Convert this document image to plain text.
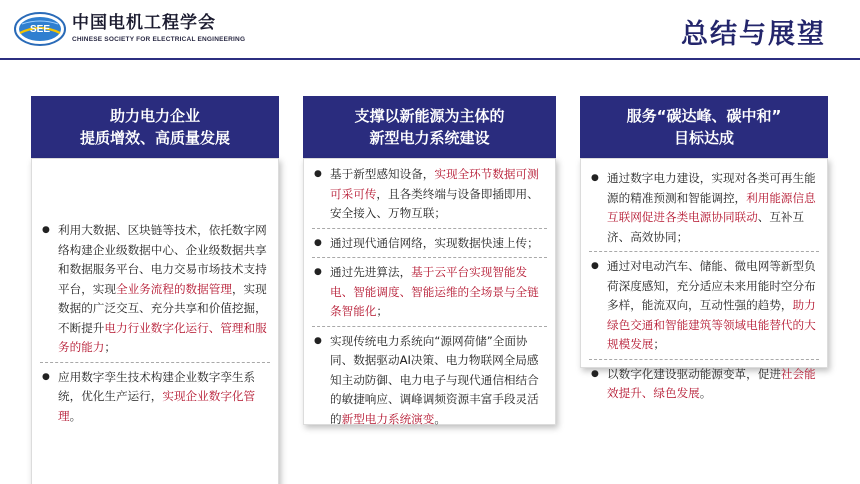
SEE 中国电机工程学会
CHINESE SOCIETY FOR ELECTRICAL ENGINEERING	总结与展望
助力电力企业
提质增效、高质量发展
● 利用大数据、区块链等技术，依托数字网络构建企业级数据中心、企业级数据共享和数据服务平台、电力交易市场技术支持平台，实现全业务流程的数据管理，实现数据的广泛交互、充分共享和价值挖掘，不断提升电力行业数字化运行、管理和服务的能力；
● 应用数字孪生技术构建企业数字孪生系统，优化生产运行，实现企业数字化管理。
支撑以新能源为主体的
新型电力系统建设
● 基于新型感知设备，实现全环节数据可测可采可传，且各类终端与设备即插即用、安全接入、万物互联；
● 通过现代通信网络，实现数据快速上传；
● 通过先进算法，基于云平台实现智能发电、智能调度、智能运维的全场景与全链条智能化；
● 实现传统电力系统向“源网荷储”全面协同、数据驱动AI决策、电力物联网全局感知主动防御、电力电子与现代通信相结合的敏捷响应、调峰调频资源丰富手段灵活的新型电力系统演变。
服务“碳达峰、碳中和”
目标达成
● 通过数字电力建设，实现对各类可再生能源的精准预测和智能调控，利用能源信息互联网促进各类电源协同联动、互补互济、高效协同；
● 通过对电动汽车、储能、微电网等新型负荷深度感知，充分适应未来用能时空分布多样，能流双向，互动性强的趋势，助力绿色交通和智能建筑等领域电能替代的大规模发展；
● 以数字化建设驱动能源变革，促进社会能效提升、绿色发展。
